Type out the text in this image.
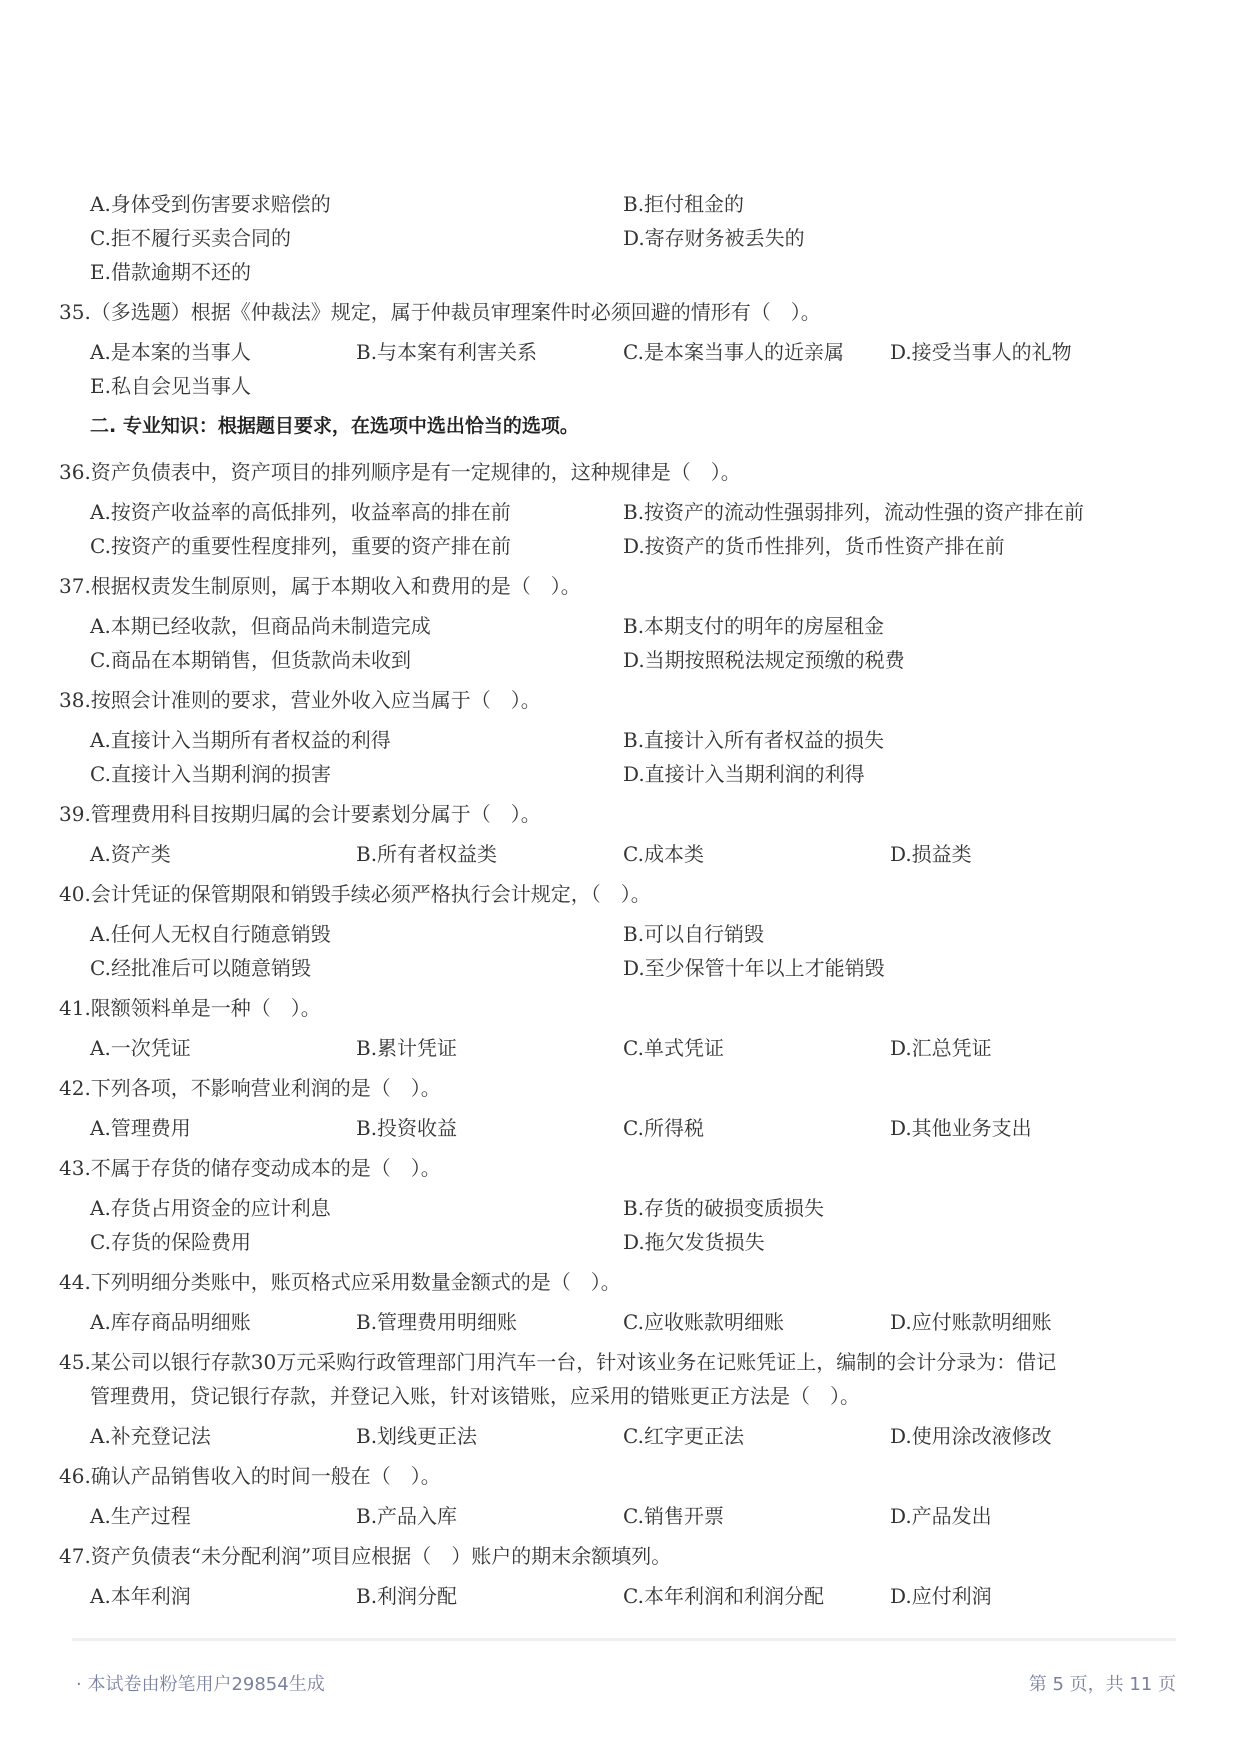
A.身体受到伤害要求赔偿的	B.拒付租金的
C.拒不履行买卖合同的	D.寄存财务被丢失的
E.借款逾期不还的
35.（多选题）根据《仲裁法》规定，属于仲裁员审理案件时必须回避的情形有（　）。
A.是本案的当事人	B.与本案有利害关系	C.是本案当事人的近亲属 D.接受当事人的礼物
E.私自会见当事人
二. 专业知识：根据题目要求，在选项中选出恰当的选项。
36.资产负债表中，资产项目的排列顺序是有一定规律的，这种规律是（　）。
A.按资产收益率的高低排列，收益率高的排在前	B.按资产的流动性强弱排列，流动性强的资产排在前
C.按资产的重要性程度排列，重要的资产排在前	D.按资产的货币性排列，货币性资产排在前
37.根据权责发生制原则，属于本期收入和费用的是（　）。
A.本期已经收款，但商品尚未制造完成	B.本期支付的明年的房屋租金
C.商品在本期销售，但货款尚未收到	D.当期按照税法规定预缴的税费
38.按照会计准则的要求，营业外收入应当属于（　）。
A.直接计入当期所有者权益的利得	B.直接计入所有者权益的损失
C.直接计入当期利润的损害	D.直接计入当期利润的利得
39.管理费用科目按期归属的会计要素划分属于（　）。
A.资产类	B.所有者权益类	C.成本类	D.损益类
40.会计凭证的保管期限和销毁手续必须严格执行会计规定，（　）。
A.任何人无权自行随意销毁	B.可以自行销毁
C.经批准后可以随意销毁	D.至少保管十年以上才能销毁
41.限额领料单是一种（　）。
A.一次凭证	B.累计凭证	C.单式凭证	D.汇总凭证
42.下列各项，不影响营业利润的是（　）。
A.管理费用	B.投资收益	C.所得税	D.其他业务支出
43.不属于存货的储存变动成本的是（　）。
A.存货占用资金的应计利息	B.存货的破损变质损失
C.存货的保险费用	D.拖欠发货损失
44.下列明细分类账中，账页格式应采用数量金额式的是（　）。
A.库存商品明细账	B.管理费用明细账	C.应收账款明细账	D.应付账款明细账
45.某公司以银行存款30万元采购行政管理部门用汽车一台，针对该业务在记账凭证上，编制的会计分录为：借记
管理费用，贷记银行存款，并登记入账，针对该错账，应采用的错账更正方法是（　）。
A.补充登记法	B.划线更正法	C.红字更正法	D.使用涂改液修改
46.确认产品销售收入的时间一般在（　）。
A.生产过程	B.产品入库	C.销售开票	D.产品发出
47.资产负债表“未分配利润”项目应根据（　）账户的期末余额填列。
A.本年利润	B.利润分配	C.本年利润和利润分配	D.应付利润
· 本试卷由粉笔用户29854生成	第 5 页，共 11 页
